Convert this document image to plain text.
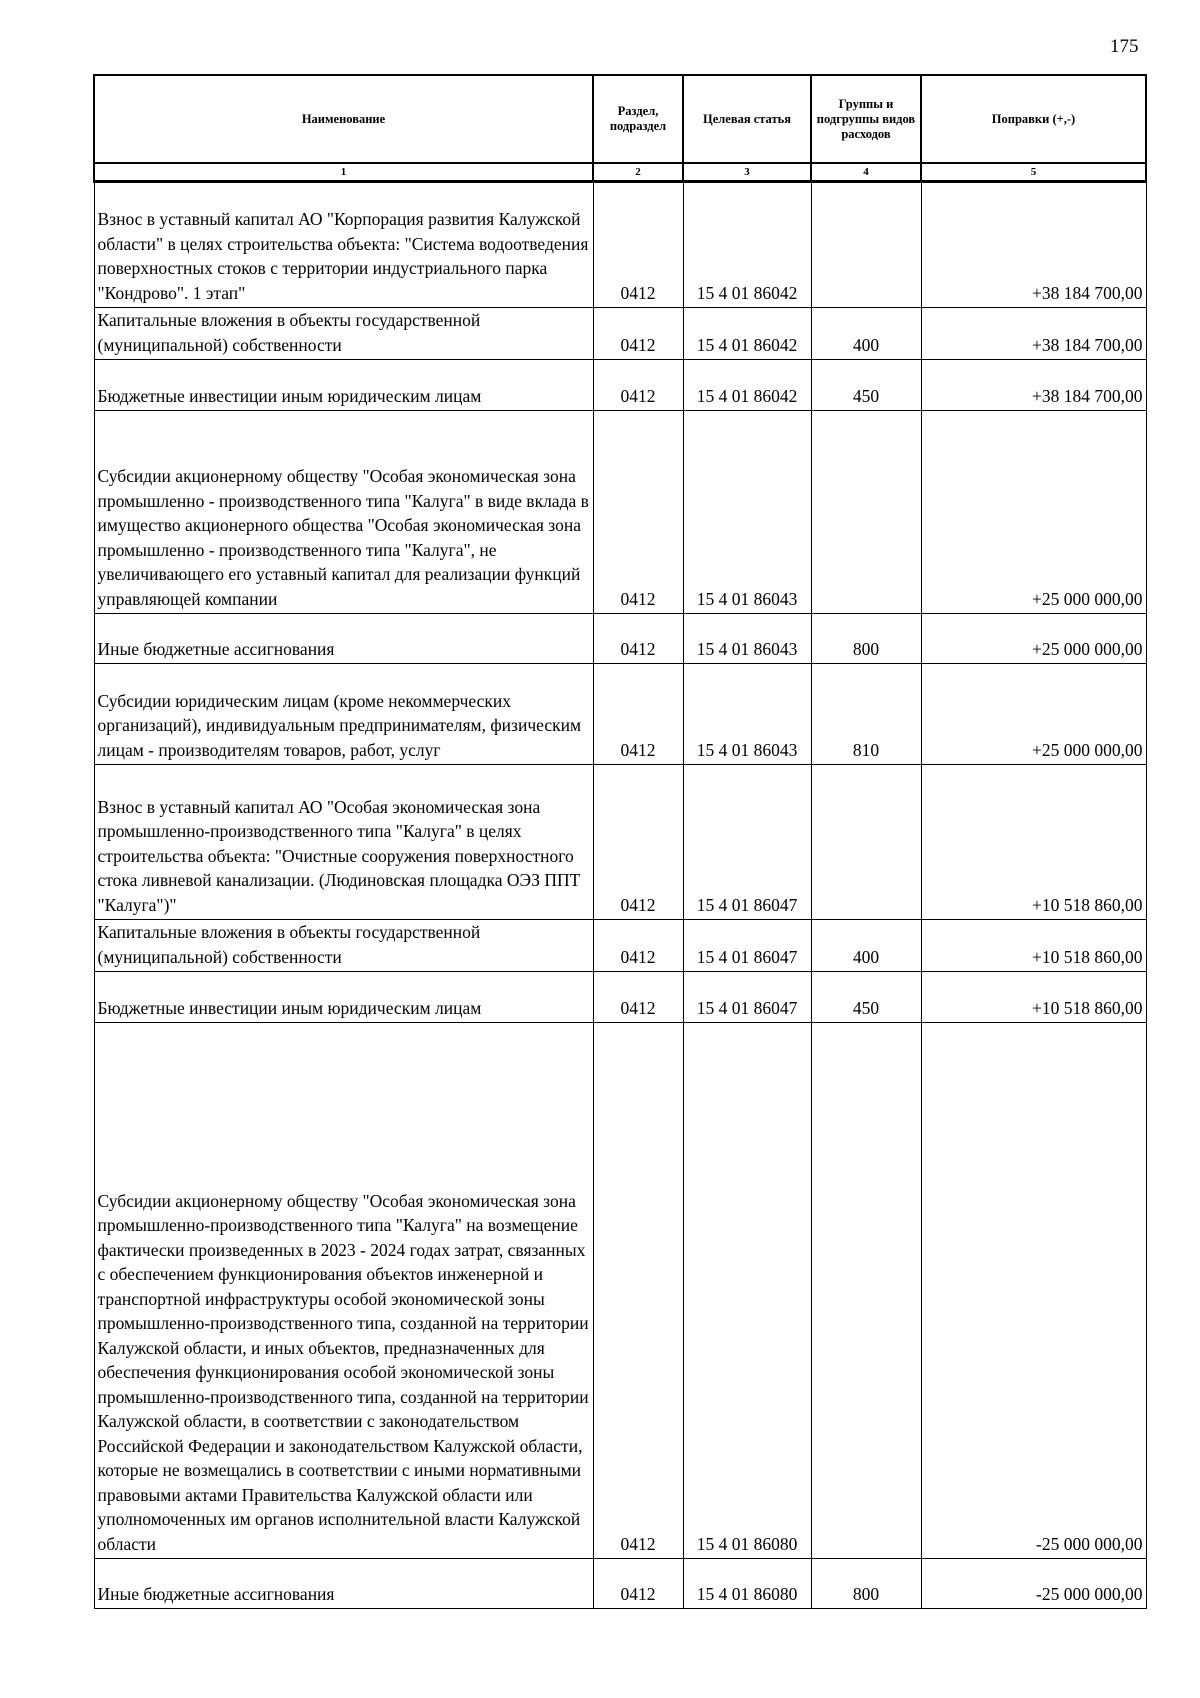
175
Наименование	Раздел, подраздел	Целевая статья	Группы и подгруппы видов расходов	Поправки (+,-)
1	2	3	4	5
Взнос в уставный капитал АО "Корпорация развития Калужской области" в целях строительства объекта: "Система водоотведения поверхностных стоков с территории индустриального парка "Кондрово". 1 этап"	0412	15 4 01 86042		+38 184 700,00
Капитальные вложения в объекты государственной (муниципальной) собственности	0412	15 4 01 86042	400	+38 184 700,00
Бюджетные инвестиции иным юридическим лицам	0412	15 4 01 86042	450	+38 184 700,00
Субсидии акционерному обществу "Особая экономическая зона промышленно - производственного типа "Калуга" в виде вклада в имущество акционерного общества "Особая экономическая зона промышленно - производственного типа "Калуга", не увеличивающего его уставный капитал для реализации функций управляющей компании	0412	15 4 01 86043		+25 000 000,00
Иные бюджетные ассигнования	0412	15 4 01 86043	800	+25 000 000,00
Субсидии юридическим лицам (кроме некоммерческих организаций), индивидуальным предпринимателям, физическим лицам - производителям товаров, работ, услуг	0412	15 4 01 86043	810	+25 000 000,00
Взнос в уставный капитал АО "Особая экономическая зона промышленно-производственного типа "Калуга" в целях строительства объекта: "Очистные сооружения поверхностного стока ливневой канализации. (Людиновская площадка ОЭЗ ППТ "Калуга")"	0412	15 4 01 86047		+10 518 860,00
Капитальные вложения в объекты государственной (муниципальной) собственности	0412	15 4 01 86047	400	+10 518 860,00
Бюджетные инвестиции иным юридическим лицам	0412	15 4 01 86047	450	+10 518 860,00
Субсидии акционерному обществу "Особая экономическая зона промышленно-производственного типа "Калуга" на возмещение фактически произведенных в 2023 - 2024 годах затрат, связанных с обеспечением функционирования объектов инженерной и транспортной инфраструктуры особой экономической зоны промышленно-производственного типа, созданной на территории Калужской области, и иных объектов, предназначенных для обеспечения функционирования особой экономической зоны промышленно-производственного типа, созданной на территории Калужской области, в соответствии с законодательством Российской Федерации и законодательством Калужской области, которые не возмещались в соответствии с иными нормативными правовыми актами Правительства Калужской области или уполномоченных им органов исполнительной власти Калужской области	0412	15 4 01 86080		-25 000 000,00
Иные бюджетные ассигнования	0412	15 4 01 86080	800	-25 000 000,00
